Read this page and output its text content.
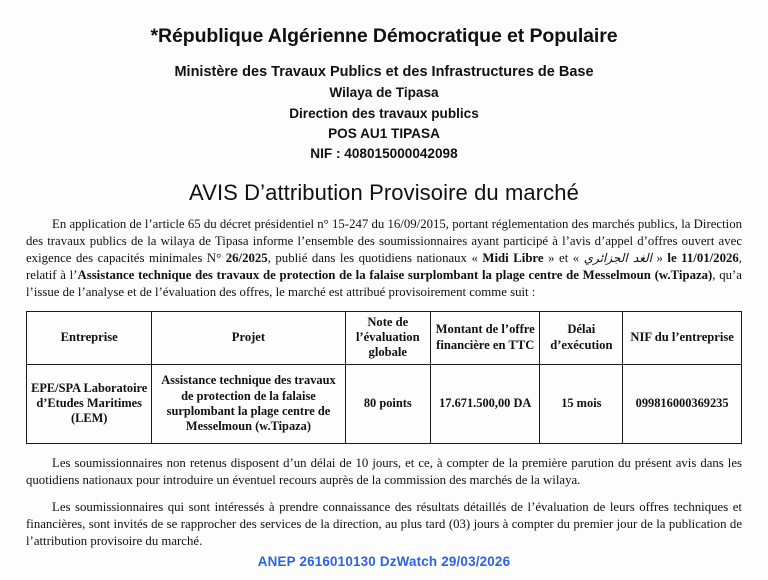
*République Algérienne Démocratique et Populaire
Ministère des Travaux Publics et des Infrastructures de Base
Wilaya de Tipasa
Direction des travaux publics
POS AU1 TIPASA
NIF : 408015000042098
AVIS D’attribution Provisoire du marché

En application de l’article 65 du décret présidentiel n° 15-247 du 16/09/2015, portant réglementation des marchés publics, la Direction des travaux publics de la wilaya de Tipasa informe l’ensemble des soumissionnaires ayant participé à l’avis d’appel d’offres ouvert avec exigence des capacités minimales N° 26/2025, publié dans les quotidiens nationaux « Midi Libre » et « الغد الجزائري » le 11/01/2026, relatif à l’Assistance technique des travaux de protection de la falaise surplombant la plage centre de Messelmoun (w.Tipaza), qu’a l’issue de l’analyse et de l’évaluation des offres, le marché est attribué provisoirement comme suit :

Entreprise	Projet	Note de l’évaluation globale	Montant de l’offre financière en TTC	Délai d’exécution	NIF du l’entreprise
EPE/SPA Laboratoire d’Etudes Maritimes (LEM)	Assistance technique des travaux de protection de la falaise surplombant la plage centre de Messelmoun (w.Tipaza)	80 points	17.671.500,00 DA	15 mois	099816000369235

Les soumissionnaires non retenus disposent d’un délai de 10 jours, et ce, à compter de la première parution du présent avis dans les quotidiens nationaux pour introduire un éventuel recours auprès de la commission des marchés de la wilaya.

Les soumissionnaires qui sont intéressés à prendre connaissance des résultats détaillés de l’évaluation de leurs offres techniques et financières, sont invités de se rapprocher des services de la direction, au plus tard (03) jours à compter du premier jour de la publication de l’attribution provisoire du marché.

ANEP 2616010130 DzWatch 29/03/2026
